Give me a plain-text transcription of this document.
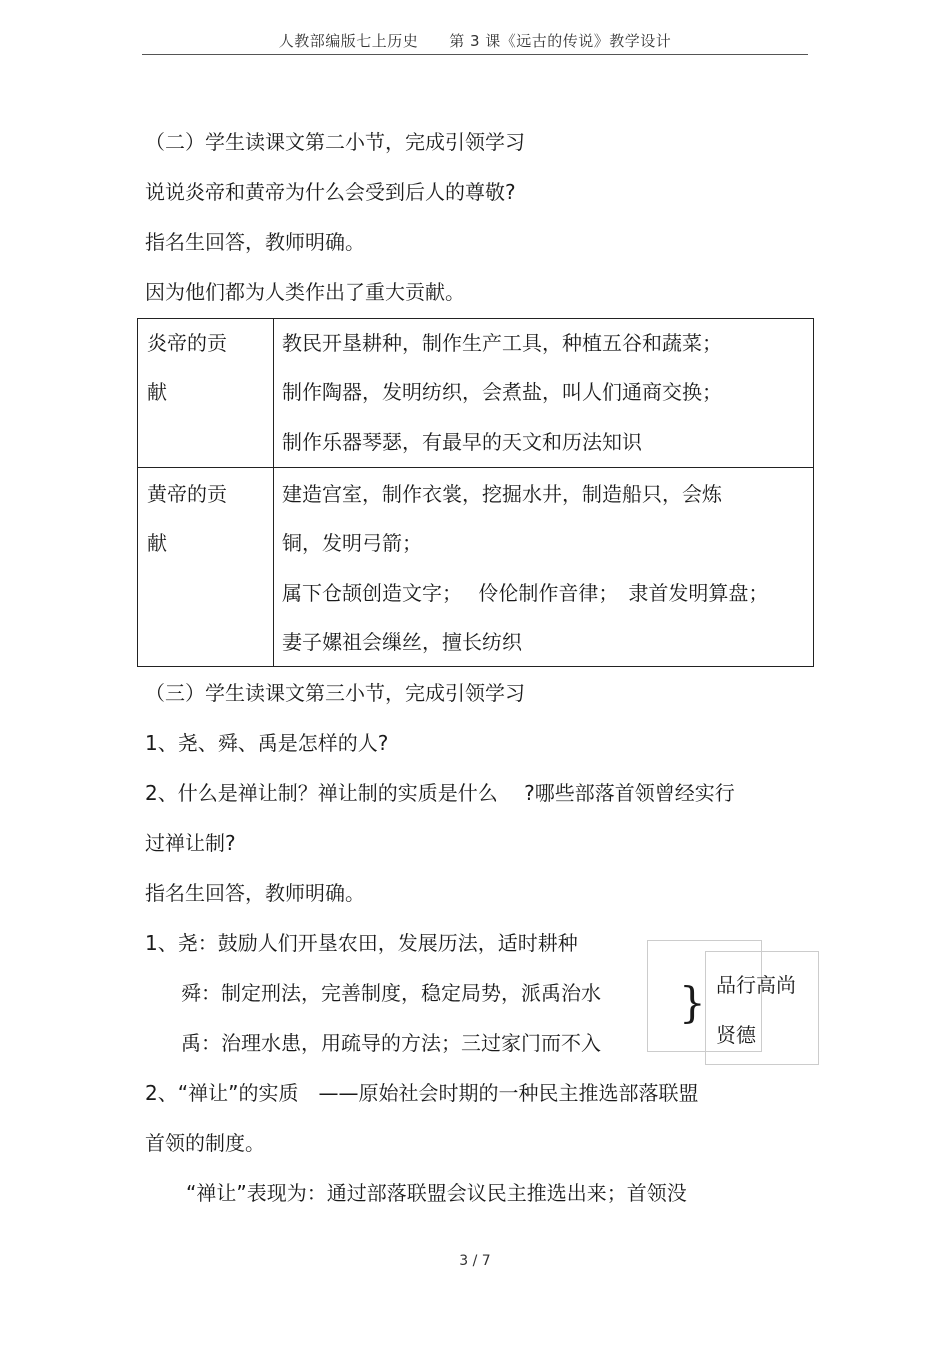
人教部编版七上历史　　第 3 课《远古的传说》教学设计
（二）学生读课文第二小节，完成引领学习
说说炎帝和黄帝为什么会受到后人的尊敬?
指名生回答，教师明确。
因为他们都为人类作出了重大贡献。
炎帝的贡
献
教民开垦耕种，制作生产工具，种植五谷和蔬菜；
制作陶器，发明纺织，会煮盐，叫人们通商交换；
制作乐器琴瑟，有最早的天文和历法知识
黄帝的贡
献
建造宫室，制作衣裳，挖掘水井，制造船只，会炼
铜，发明弓箭；
属下仓颉创造文字；　 伶伦制作音律；　隶首发明算盘；
妻子嫘祖会缫丝，擅长纺织
（三）学生读课文第三小节，完成引领学习
1、尧、舜、禹是怎样的人?
2、什么是禅让制？禅让制的实质是什么　 ?哪些部落首领曾经实行
过禅让制?
指名生回答，教师明确。
1、尧：鼓励人们开垦农田，发展历法，适时耕种
舜：制定刑法，完善制度，稳定局势，派禹治水
禹：治理水患，用疏导的方法；三过家门而不入
} 品行高尚
贤德
2、“禅让”的实质　——原始社会时期的一种民主推选部落联盟
首领的制度。
“禅让”表现为：通过部落联盟会议民主推选出来；首领没
3 / 7
